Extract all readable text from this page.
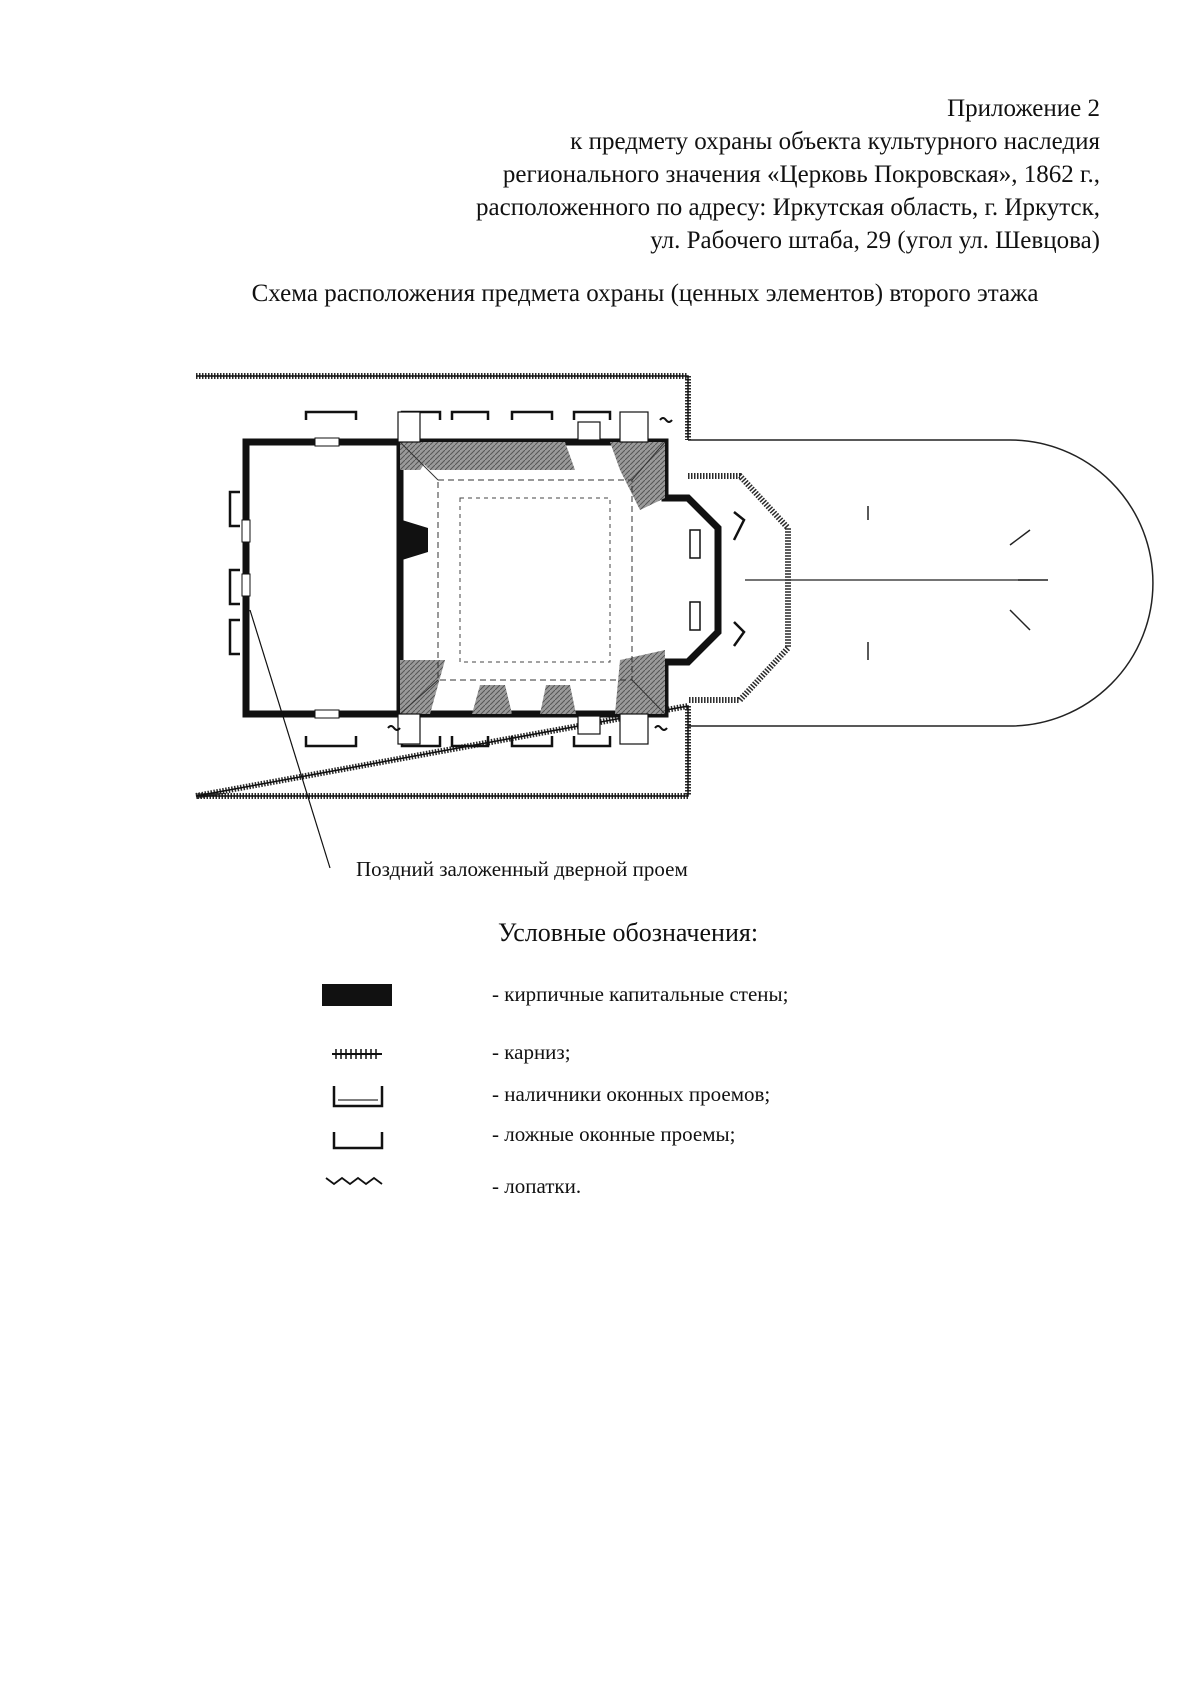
Приложение 2
к предмету охраны объекта культурного наследия
регионального значения «Церковь Покровская», 1862 г.,
расположенного по адресу: Иркутская область, г. Иркутск,
ул. Рабочего штаба, 29 (угол ул. Шевцова)
Схема расположения предмета охраны (ценных элементов) второго этажа
Поздний заложенный дверной проем
Условные обозначения:
- кирпичные капитальные стены;
- карниз;
- наличники оконных проемов;
- ложные оконные проемы;
- лопатки.
